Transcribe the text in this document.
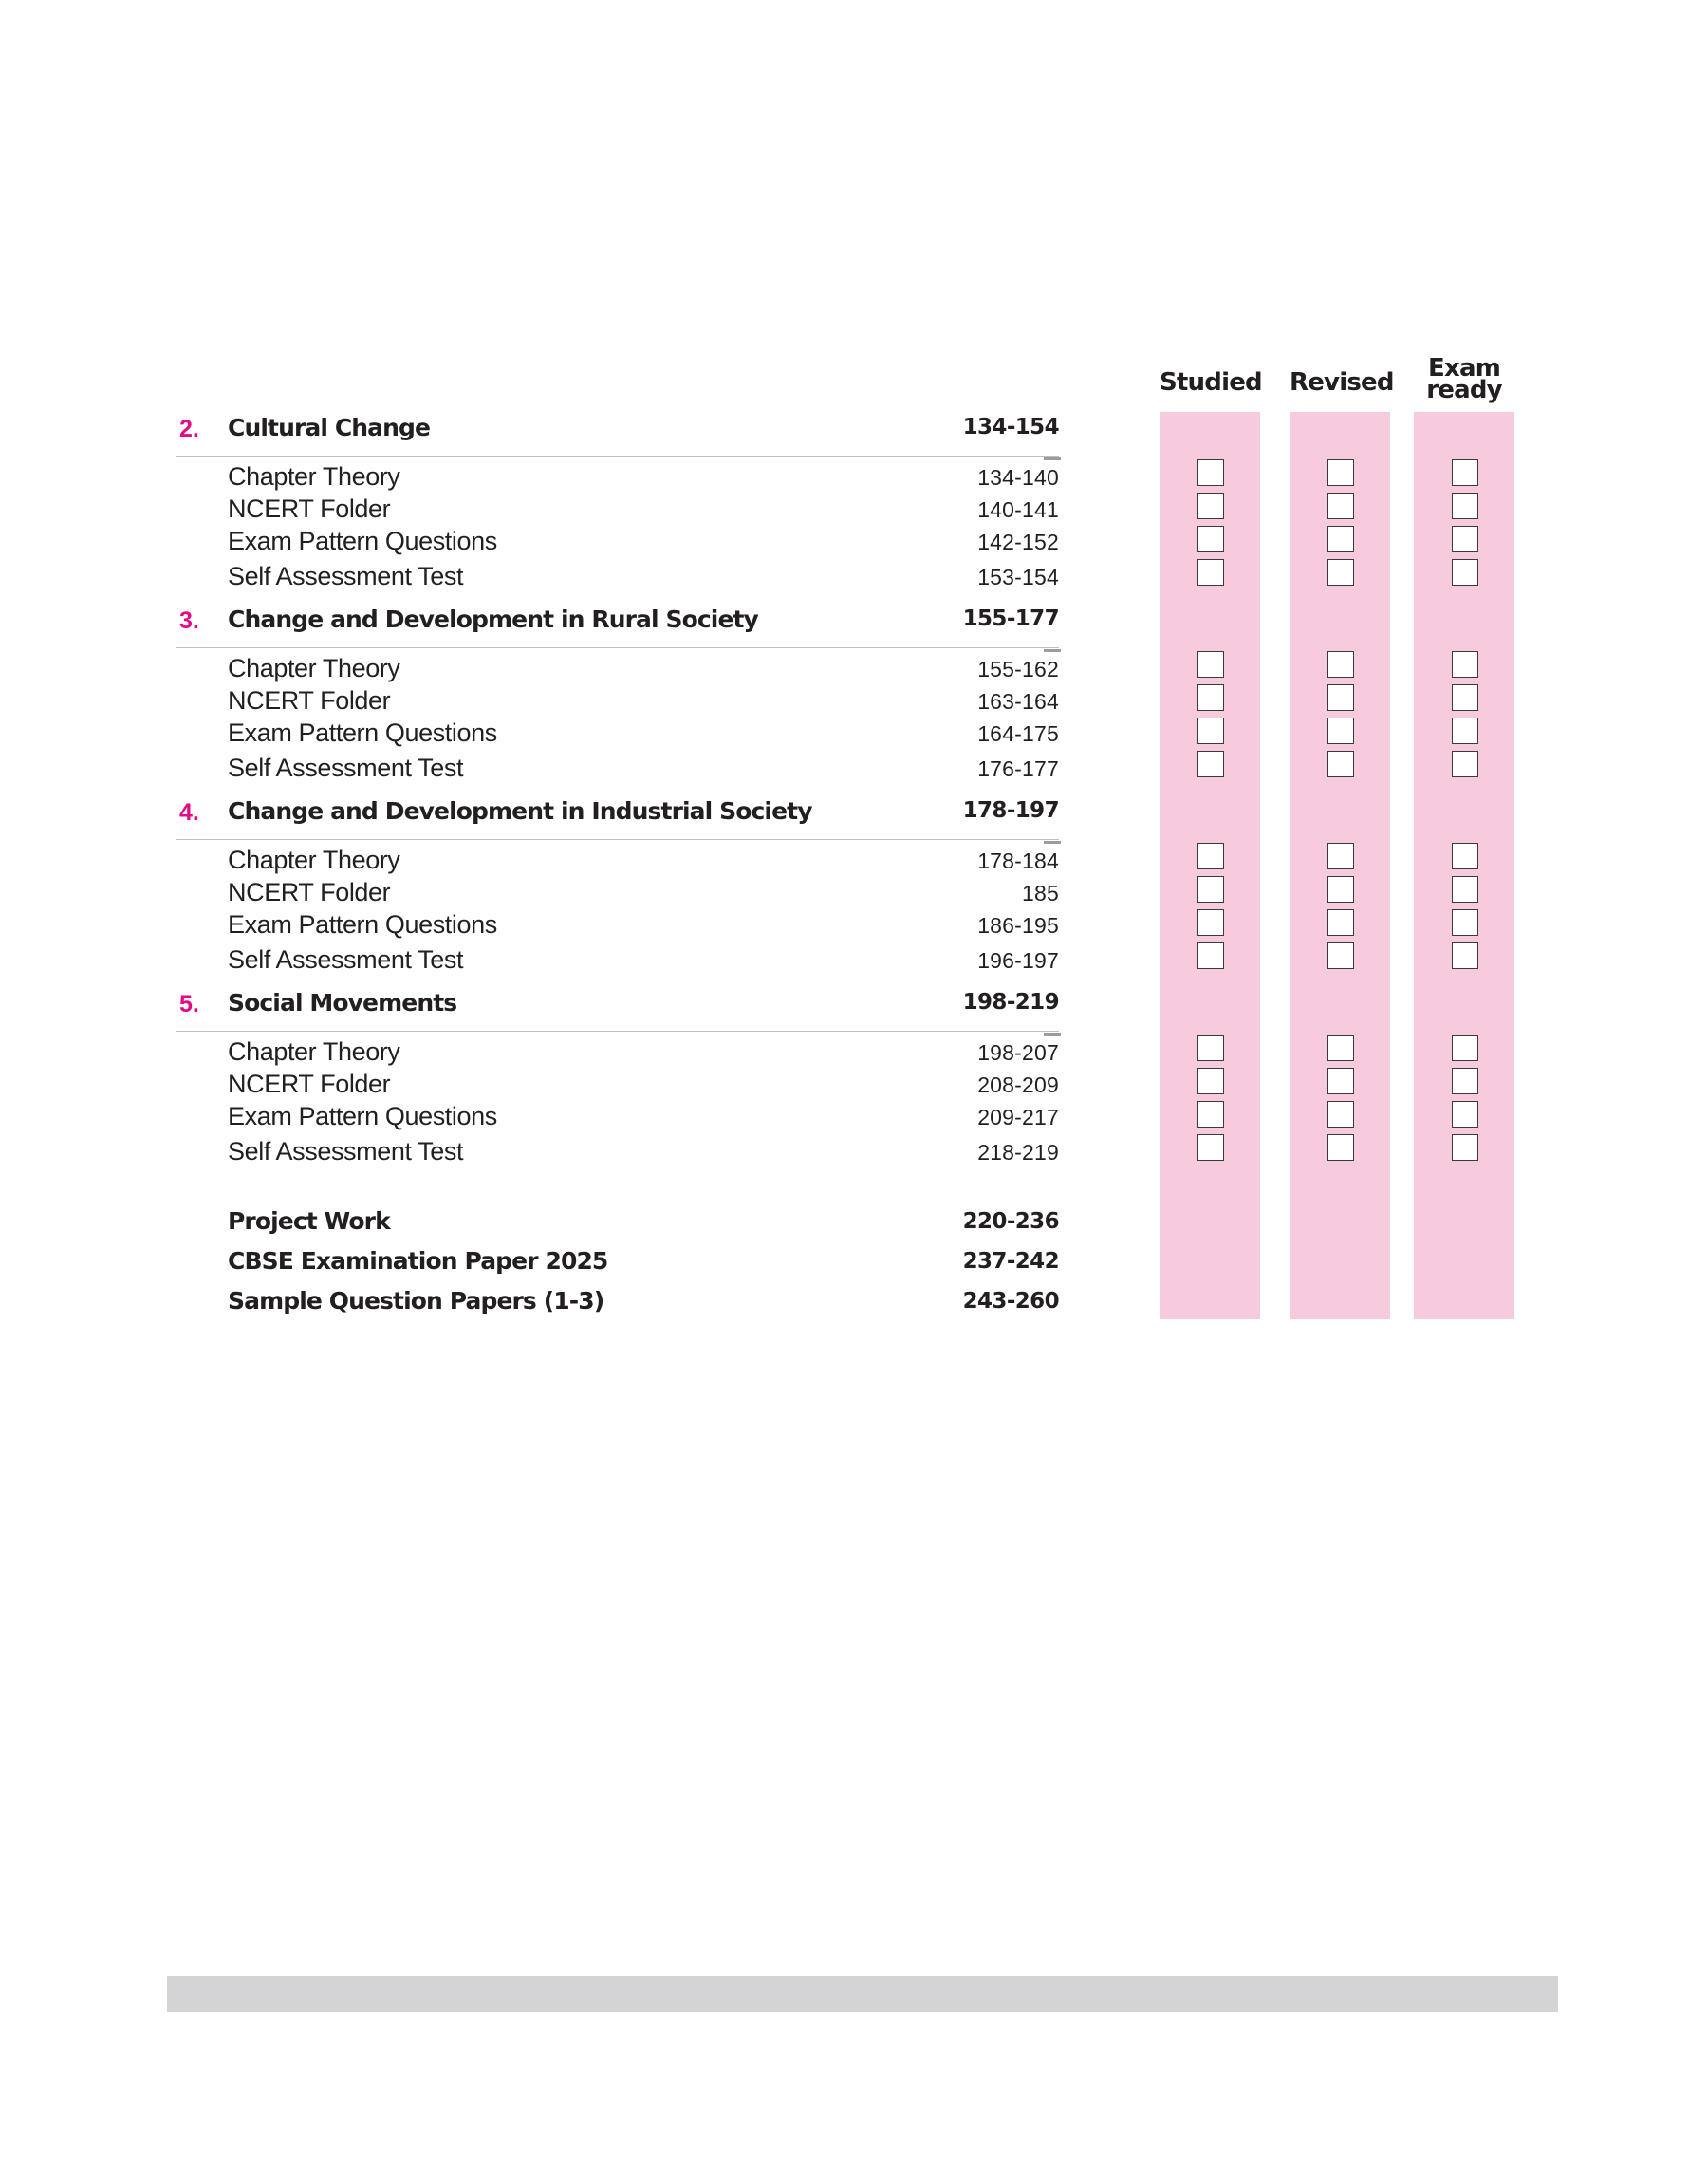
Studied Revised	Exam
ready
2. Cultural Change	134-154
Chapter Theory	134-140
NCERT Folder	140-141
Exam Pattern Questions	142-152
Self Assessment Test	153-154
3. Change and Development in Rural Society	155-177
Chapter Theory	155-162
NCERT Folder	163-164
Exam Pattern Questions	164-175
Self Assessment Test	176-177
4. Change and Development in Industrial Society	178-197
Chapter Theory	178-184
NCERT Folder	185
Exam Pattern Questions	186-195
Self Assessment Test	196-197
5. Social Movements	198-219
Chapter Theory	198-207
NCERT Folder	208-209
Exam Pattern Questions	209-217
Self Assessment Test	218-219
Project Work	220-236
CBSE Examination Paper 2025	237-242
Sample Question Papers (1-3)	243-260
